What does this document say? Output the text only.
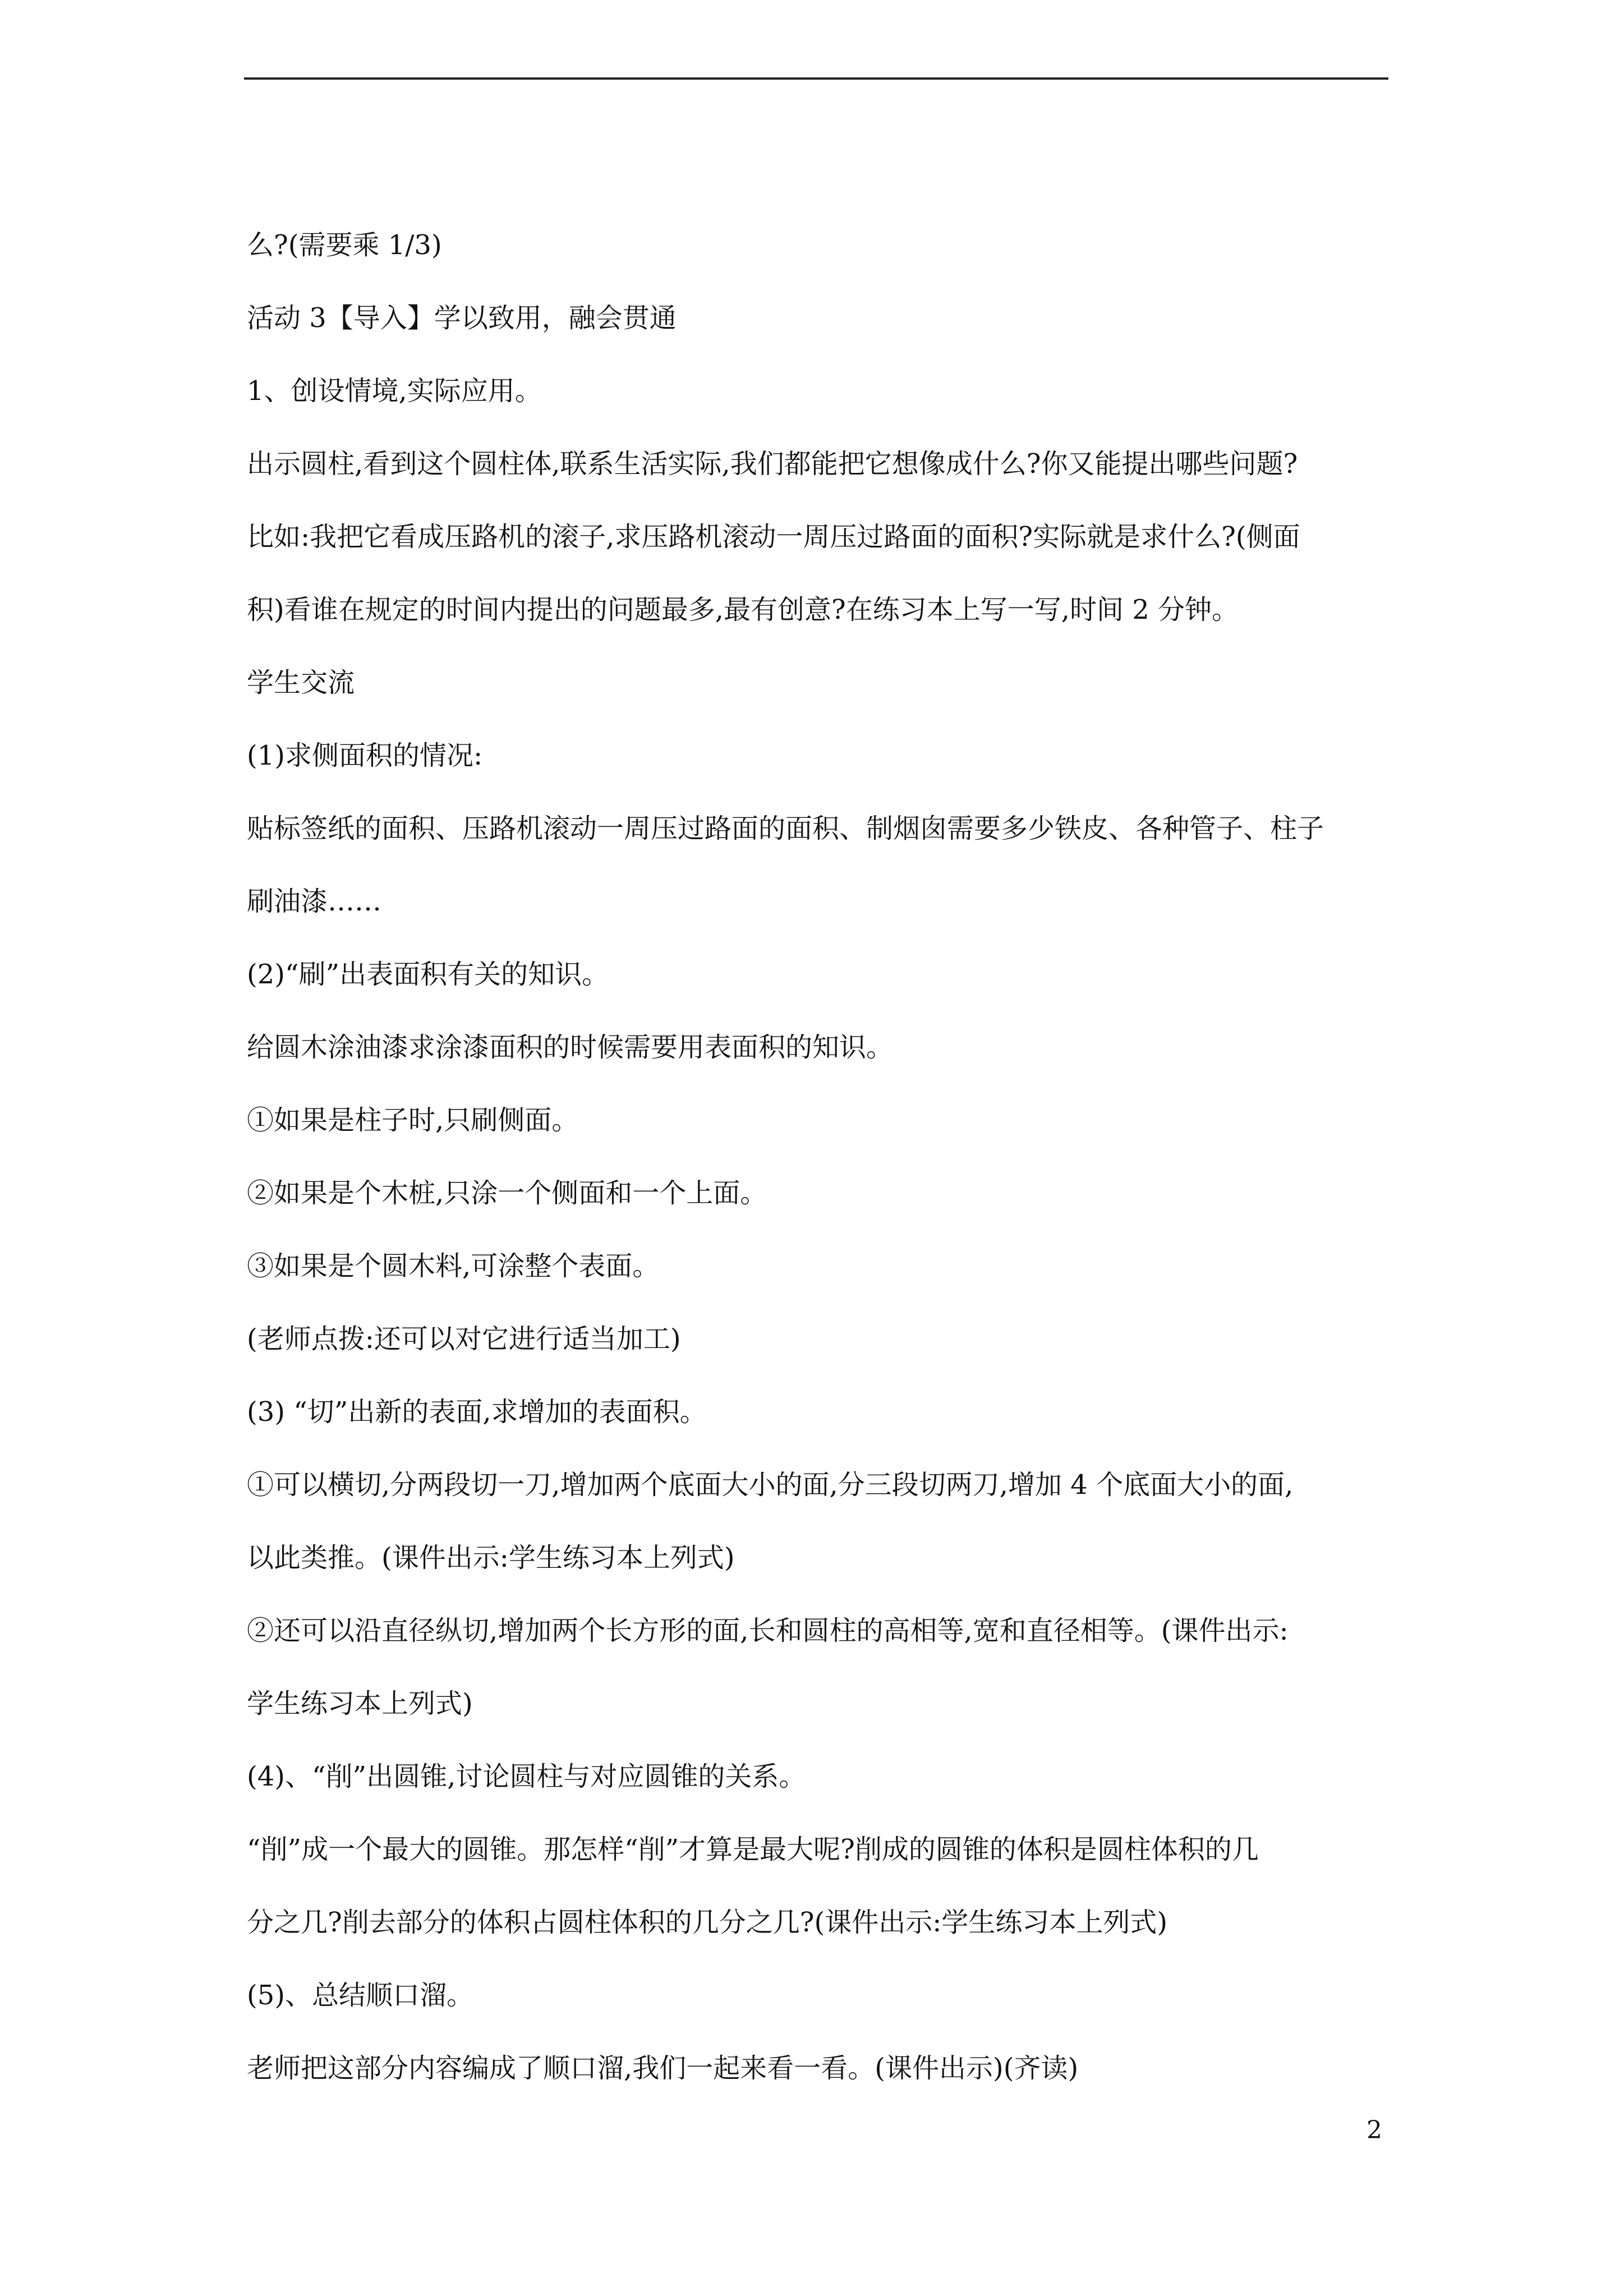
么?(需要乘 1/3)

活动 3【导入】学以致用，融会贯通

1、创设情境,实际应用。

出示圆柱,看到这个圆柱体,联系生活实际,我们都能把它想像成什么?你又能提出哪些问题?

比如:我把它看成压路机的滚子,求压路机滚动一周压过路面的面积?实际就是求什么?(侧面

积)看谁在规定的时间内提出的问题最多,最有创意?在练习本上写一写,时间 2 分钟。

学生交流

(1)求侧面积的情况:

贴标签纸的面积、压路机滚动一周压过路面的面积、制烟囱需要多少铁皮、各种管子、柱子

刷油漆……

(2)“刷”出表面积有关的知识。

给圆木涂油漆求涂漆面积的时候需要用表面积的知识。

①如果是柱子时,只刷侧面。

②如果是个木桩,只涂一个侧面和一个上面。

③如果是个圆木料,可涂整个表面。

(老师点拨:还可以对它进行适当加工)

(3) “切”出新的表面,求增加的表面积。

①可以横切,分两段切一刀,增加两个底面大小的面,分三段切两刀,增加 4 个底面大小的面,

以此类推。(课件出示:学生练习本上列式)

②还可以沿直径纵切,增加两个长方形的面,长和圆柱的高相等,宽和直径相等。(课件出示:

学生练习本上列式)

(4)、“削”出圆锥,讨论圆柱与对应圆锥的关系。

“削”成一个最大的圆锥。那怎样“削”才算是最大呢?削成的圆锥的体积是圆柱体积的几

分之几?削去部分的体积占圆柱体积的几分之几?(课件出示:学生练习本上列式)

(5)、总结顺口溜。

老师把这部分内容编成了顺口溜,我们一起来看一看。(课件出示)(齐读)

2
